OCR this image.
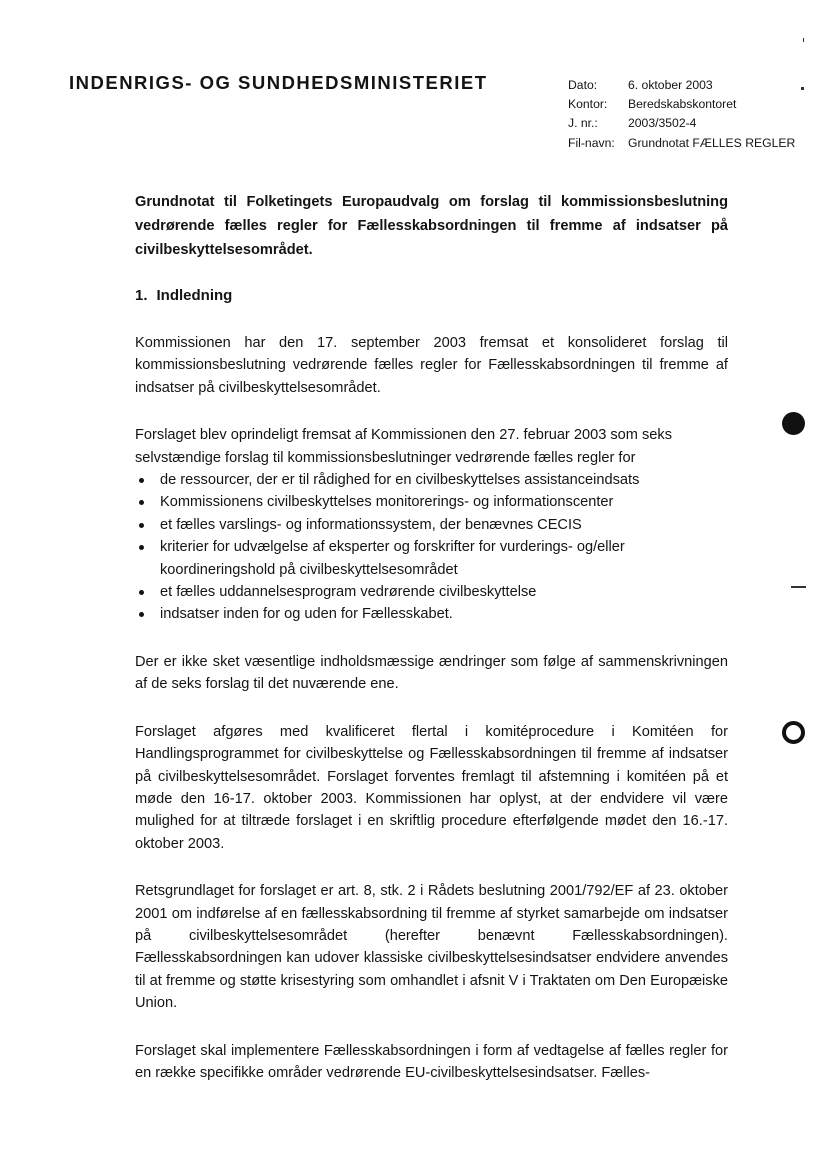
INDENRIGS- OG SUNDHEDSMINISTERIET	Dato:	6. oktober 2003
Kontor:	Beredskabskontoret
J. nr.:	2003/3502-4
Fil-navn:	Grundnotat FÆLLES REGLER
Grundnotat til Folketingets Europaudvalg om forslag til kommissionsbeslutning vedrørende fælles regler for Fællesskabsordningen til fremme af indsatser på civilbeskyttelsesområdet.
1. Indledning

Kommissionen har den 17. september 2003 fremsat et konsolideret forslag til kommissionsbeslutning vedrørende fælles regler for Fællesskabsordningen til fremme af indsatser på civilbeskyttelsesområdet.

Forslaget blev oprindeligt fremsat af Kommissionen den 27. februar 2003 som seks selvstændige forslag til kommissionsbeslutninger vedrørende fælles regler for
de ressourcer, der er til rådighed for en civilbeskyttelses assistanceindsats
Kommissionens civilbeskyttelses monitorerings- og informationscenter
et fælles varslings- og informationssystem, der benævnes CECIS
kriterier for udvælgelse af eksperter og forskrifter for vurderings- og/eller koordineringshold på civilbeskyttelsesområdet
et fælles uddannelsesprogram vedrørende civilbeskyttelse
indsatser inden for og uden for Fællesskabet.

Der er ikke sket væsentlige indholdsmæssige ændringer som følge af sammenskrivningen af de seks forslag til det nuværende ene.

Forslaget afgøres med kvalificeret flertal i komitéprocedure i Komitéen for Handlingsprogrammet for civilbeskyttelse og Fællesskabsordningen til fremme af indsatser på civilbeskyttelsesområdet. Forslaget forventes fremlagt til afstemning i komitéen på et møde den 16-17. oktober 2003. Kommissionen har oplyst, at der endvidere vil være mulighed for at tiltræde forslaget i en skriftlig procedure efterfølgende mødet den 16.-17. oktober 2003.

Retsgrundlaget for forslaget er art. 8, stk. 2 i Rådets beslutning 2001/792/EF af 23. oktober 2001 om indførelse af en fællesskabsordning til fremme af styrket samarbejde om indsatser på civilbeskyttelsesområdet (herefter benævnt Fællesskabsordningen). Fællesskabsordningen kan udover klassiske civilbeskyttelsesindsatser endvidere anvendes til at fremme og støtte krisestyring som omhandlet i afsnit V i Traktaten om Den Europæiske Union.

Forslaget skal implementere Fællesskabsordningen i form af vedtagelse af fælles regler for en række specifikke områder vedrørende EU-civilbeskyttelsesindsatser. Fælles-
